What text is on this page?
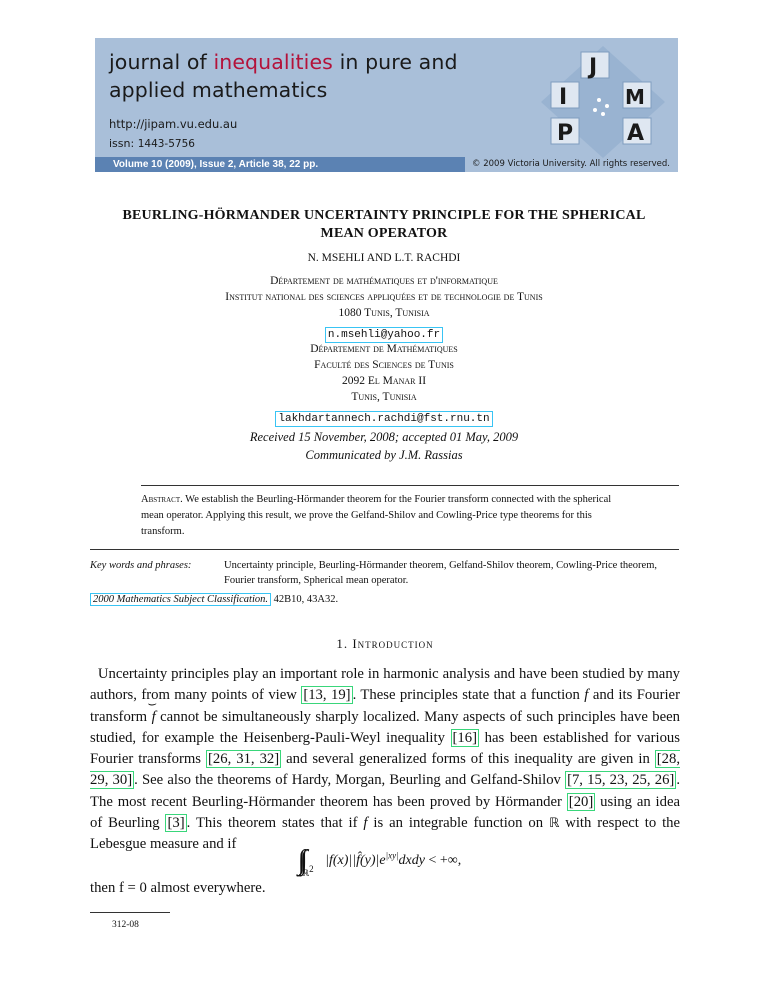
journal of inequalities in pure and applied mathematics
http://jipam.vu.edu.au
issn: 1443-5756
Volume 10 (2009), Issue 2, Article 38, 22 pp.	© 2009 Victoria University. All rights reserved.
J
I	M
P A
BEURLING-HÖRMANDER UNCERTAINTY PRINCIPLE FOR THE SPHERICAL MEAN OPERATOR
N. MSEHLI AND L.T. RACHDI
Département de mathématiques et d'informatique
Institut national des sciences appliquées et de technologie de Tunis
1080 Tunis, Tunisia
n.msehli@yahoo.fr
Département de Mathématiques
Faculté des Sciences de Tunis
2092 El Manar II
Tunis, Tunisia
lakhdartannech.rachdi@fst.rnu.tn
Received 15 November, 2008; accepted 01 May, 2009
Communicated by J.M. Rassias
Abstract. We establish the Beurling-Hörmander theorem for the Fourier transform connected with the spherical mean operator. Applying this result, we prove the Gelfand-Shilov and Cowling-Price type theorems for this transform.
Key words and phrases:	Uncertainty principle, Beurling-Hörmander theorem, Gelfand-Shilov theorem, Cowling-Price theorem, Fourier transform, Spherical mean operator.
2000 Mathematics Subject Classification. 42B10, 43A32.
1. Introduction

Uncertainty principles play an important role in harmonic analysis and have been studied by many authors, from many points of view [13, 19] . These principles state that a function f and its Fourier transform ⌢ f cannot be simultaneously sharply localized. Many aspects of such principles have been studied, for example the Heisenberg-Pauli-Weyl inequality [16] has been established for various Fourier transforms [26, 31, 32] and several generalized forms of this inequality are given in [28, 29, 30] . See also the theorems of Hardy, Morgan, Beurling and Gelfand-Shilov [7, 15, 23, 25, 26] . The most recent Beurling-Hörmander theorem has been proved by Hörmander [20] using an idea of Beurling [3] . This theorem states that if f is an integrable function on ℝ with respect to the Lebesgue measure and if

$_{ℝ^2}$ $|f(x)||f̂(y)|e^{|xy|}dxdy$ < +∞,
then f = 0 almost everywhere.
312-08
